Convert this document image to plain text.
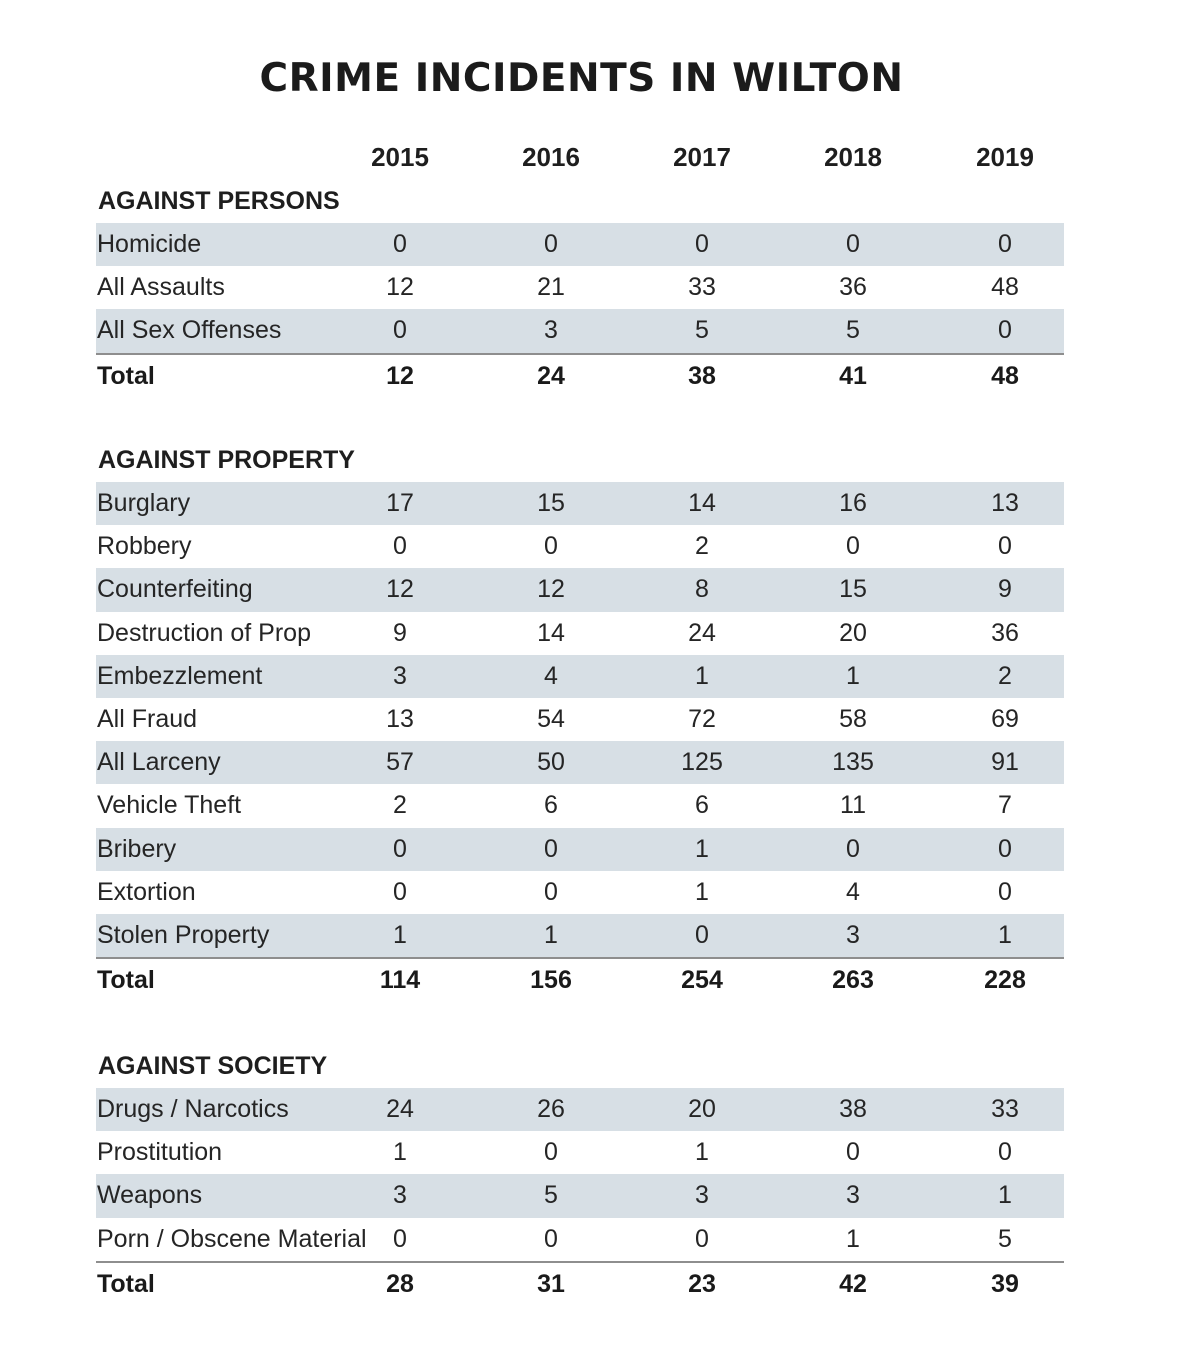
CRIME INCIDENTS IN WILTON
2015	2016	2017	2018	2019
AGAINST PERSONS
Homicide	0	0	0	0	0
All Assaults	12	21	33	36	48
All Sex Offenses	0	3	5	5	0
Total	12	24	38	41	48
AGAINST PROPERTY
Burglary	17	15	14	16	13
Robbery	0	0	2	0	0
Counterfeiting	12	12	8	15	9
Destruction of Prop	9	14	24	20	36
Embezzlement	3	4	1	1	2
All Fraud	13	54	72	58	69
All Larceny	57	50	125	135	91
Vehicle Theft	2	6	6	11	7
Bribery	0	0	1	0	0
Extortion	0	0	1	4	0
Stolen Property	1	1	0	3	1
Total	114	156	254	263	228
AGAINST SOCIETY
Drugs / Narcotics	24	26	20	38	33
Prostitution	1	0	1	0	0
Weapons	3	5	3	3	1
Porn / Obscene Material	0	0	0	1	5
Total	28	31	23	42	39
